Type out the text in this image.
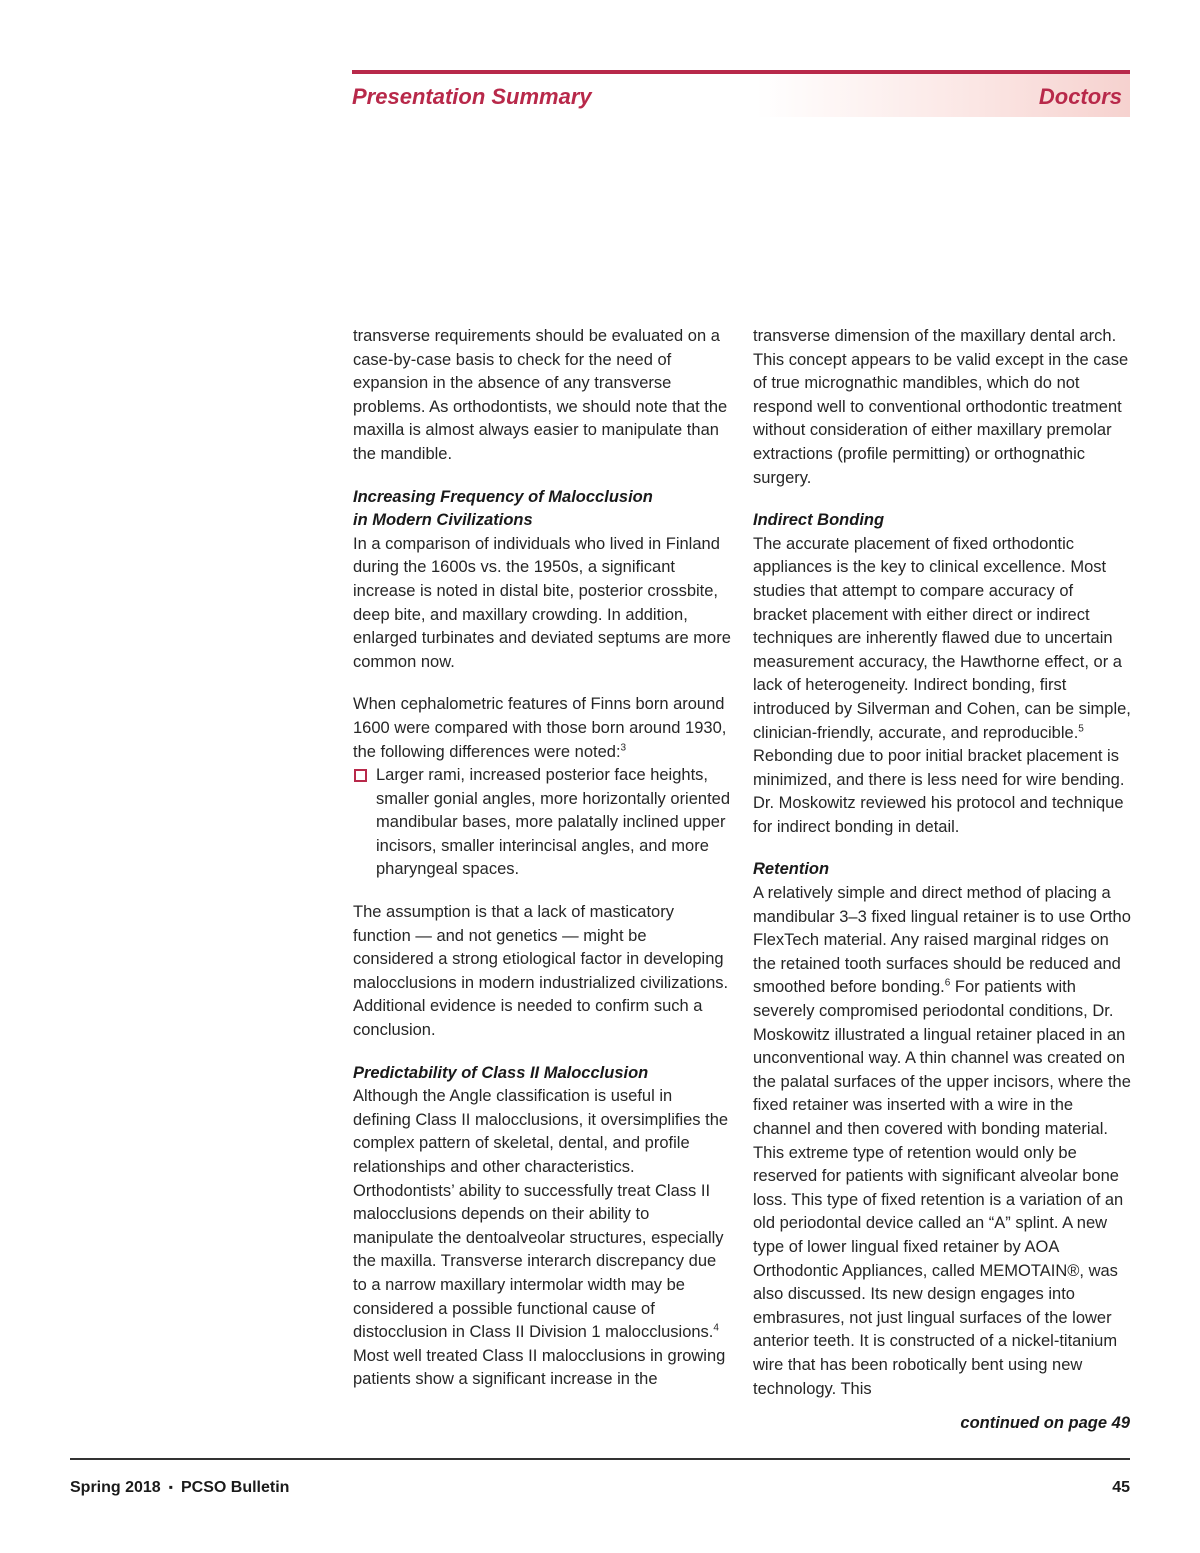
Presentation Summary	Doctors

transverse requirements should be evaluated on a case-by-case basis to check for the need of expansion in the absence of any transverse problems. As orthodontists, we should note that the maxilla is almost always easier to manipulate than the mandible.

Increasing Frequency of Malocclusion
in Modern Civilizations

In a comparison of individuals who lived in Finland during the 1600s vs. the 1950s, a significant increase is noted in distal bite, posterior crossbite, deep bite, and maxillary crowding. In addition, enlarged turbinates and deviated septums are more common now.

When cephalometric features of Finns born around 1600 were compared with those born around 1930, the following differences were noted:$^3$

Larger rami, increased posterior face heights, smaller gonial angles, more horizontally oriented mandibular bases, more palatally inclined upper incisors, smaller interincisal angles, and more pharyngeal spaces.

The assumption is that a lack of masticatory function — and not genetics — might be considered a strong etiological factor in developing malocclusions in modern industrialized civilizations. Additional evidence is needed to confirm such a conclusion.

Predictability of Class II Malocclusion

Although the Angle classification is useful in defining Class II malocclusions, it oversimplifies the complex pattern of skeletal, dental, and profile relationships and other characteristics. Orthodontists’ ability to successfully treat Class II malocclusions depends on their ability to manipulate the dentoalveolar structures, especially the maxilla. Transverse interarch discrepancy due to a narrow maxillary intermolar width may be considered a possible functional cause of distocclusion in Class II Division 1 malocclusions.$^4$ Most well treated Class II malocclusions in growing patients show a significant increase in the

transverse dimension of the maxillary dental arch. This concept appears to be valid except in the case of true micrognathic mandibles, which do not respond well to conventional orthodontic treatment without consideration of either maxillary premolar extractions (profile permitting) or orthognathic surgery.

Indirect Bonding

The accurate placement of fixed orthodontic appliances is the key to clinical excellence. Most studies that attempt to compare accuracy of bracket placement with either direct or indirect techniques are inherently flawed due to uncertain measurement accuracy, the Hawthorne effect, or a lack of heterogeneity. Indirect bonding, first introduced by Silverman and Cohen, can be simple, clinician-friendly, accurate, and reproducible.$^5$ Rebonding due to poor initial bracket placement is minimized, and there is less need for wire bending. Dr. Moskowitz reviewed his protocol and technique for indirect bonding in detail.

Retention

A relatively simple and direct method of placing a mandibular 3–3 fixed lingual retainer is to use Ortho FlexTech material. Any raised marginal ridges on the retained tooth surfaces should be reduced and smoothed before bonding.$^6$ For patients with severely compromised periodontal conditions, Dr. Moskowitz illustrated a lingual retainer placed in an unconventional way. A thin channel was created on the palatal surfaces of the upper incisors, where the fixed retainer was inserted with a wire in the channel and then covered with bonding material. This extreme type of retention would only be reserved for patients with significant alveolar bone loss. This type of fixed retention is a variation of an old periodontal device called an “A” splint. A new type of lower lingual fixed retainer by AOA Orthodontic Appliances, called MEMOTAIN®, was also discussed. Its new design engages into embrasures, not just lingual surfaces of the lower anterior teeth. It is constructed of a nickel-titanium wire that has been robotically bent using new technology. This

continued on page 49
Spring 2018 ▪ PCSO Bulletin	45
